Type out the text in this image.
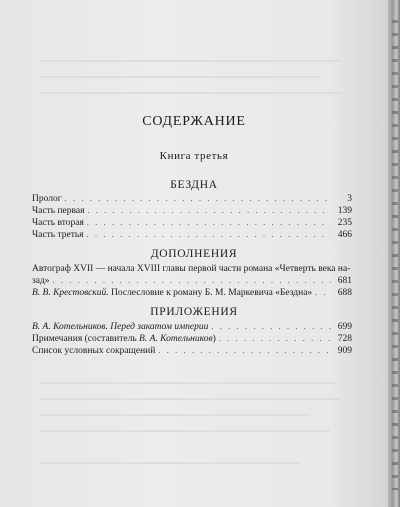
СОДЕРЖАНИЕ
Книга третья
БЕЗДНА
Пролог . . .	3
Часть первая . . .	139
Часть вторая . . .	235
Часть третья . . .	466
ДОПОЛНЕНИЯ
Автограф XVII — начала XVIII главы первой части романа «Четверть века на-
зад» . . .	681
В. В. Крестовский. Послесловие к роману Б. М. Маркевича «Бездна» . . .	688
ПРИЛОЖЕНИЯ
В. А. Котельников. Перед закатом империи . . .	699
Примечания (составитель В. А. Котельников) . . .	728
Список условных сокращений . . .	909
